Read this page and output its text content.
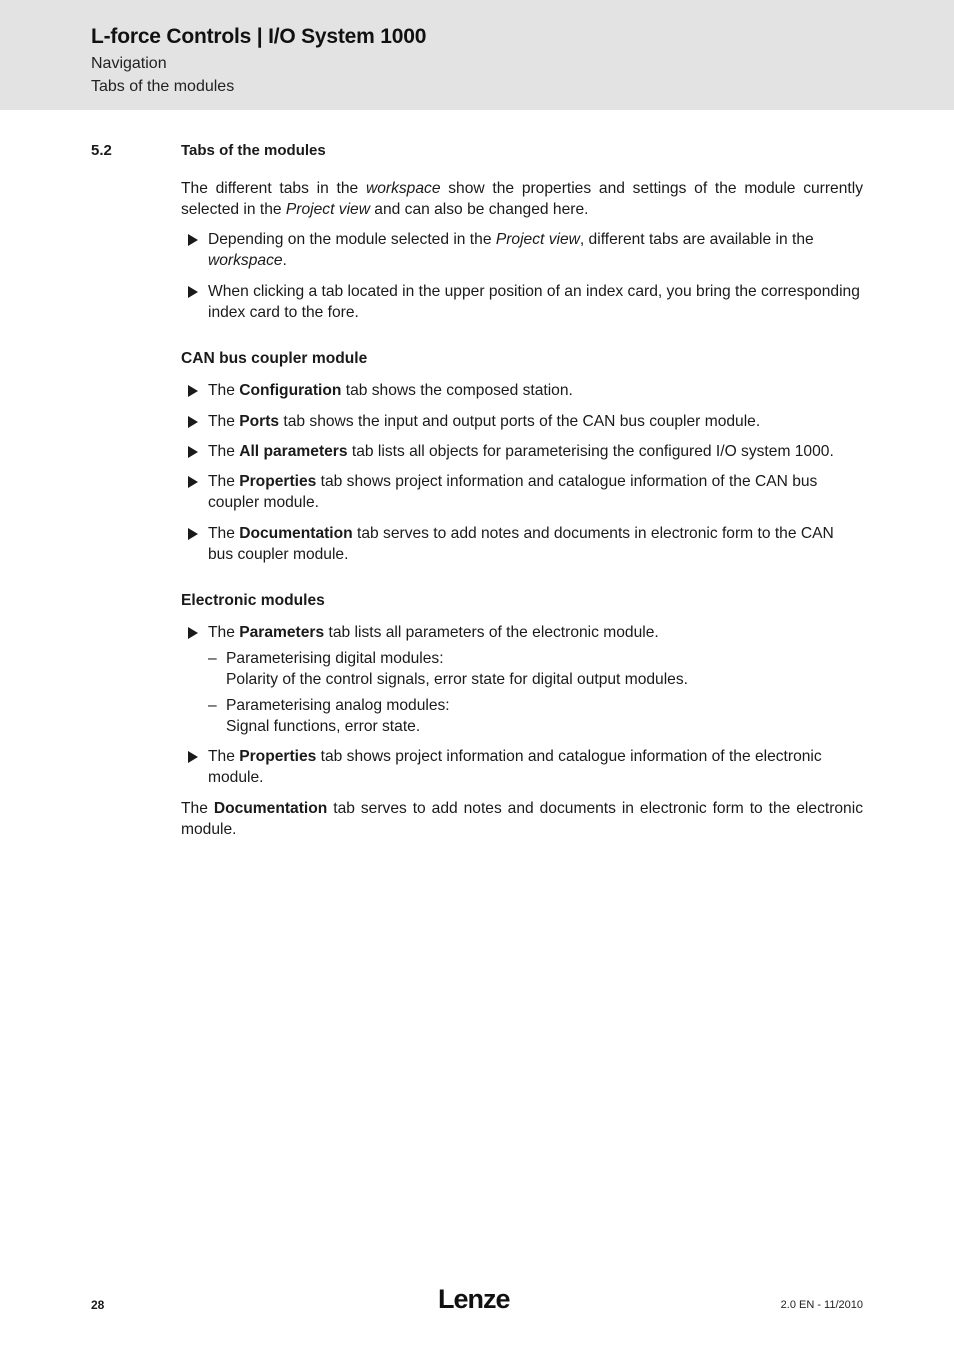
L-force Controls | I/O System 1000
Navigation
Tabs of the modules
5.2	Tabs of the modules

The different tabs in the workspace show the properties and settings of the module currently selected in the Project view and can also be changed here.

Depending on the module selected in the Project view, different tabs are available in the workspace.
When clicking a tab located in the upper position of an index card, you bring the corresponding index card to the fore.
CAN bus coupler module
The Configuration tab shows the composed station.
The Ports tab shows the input and output ports of the CAN bus coupler module.
The All parameters tab lists all objects for parameterising the configured I/O system 1000.
The Properties tab shows project information and catalogue information of the CAN bus coupler module.
The Documentation tab serves to add notes and documents in electronic form to the CAN bus coupler module.
Electronic modules
The Parameters tab lists all parameters of the electronic module.
– Parameterising digital modules:
Polarity of the control signals, error state for digital output modules.
– Parameterising analog modules:
Signal functions, error state.
The Properties tab shows project information and catalogue information of the electronic module.

The Documentation tab serves to add notes and documents in electronic form to the electronic module.

28	Lenze	2.0 EN - 11/2010
